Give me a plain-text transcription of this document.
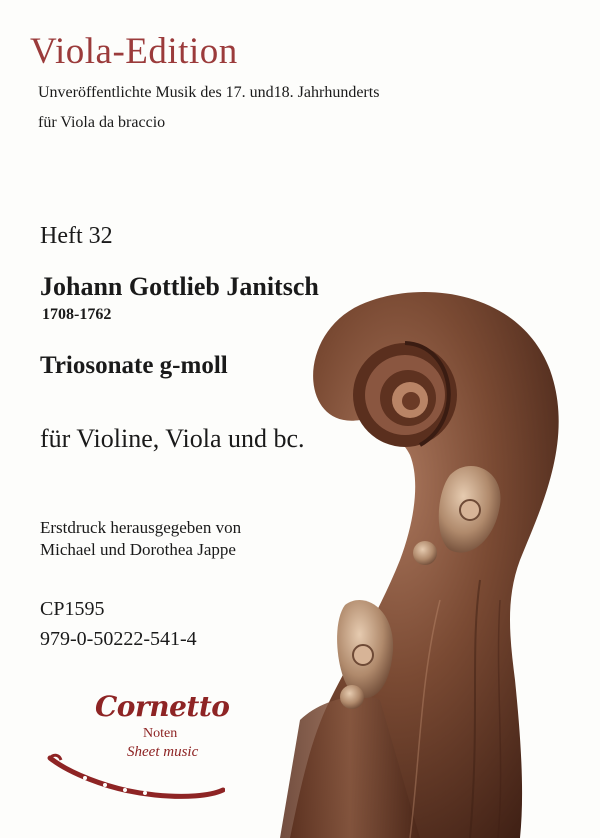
Viola-Edition
Unveröffentlichte Musik des 17. und18. Jahrhunderts
für Viola da braccio
Heft 32
Johann Gottlieb Janitsch
1708-1762
Triosonate g-moll
für Violine, Viola und bc.
Erstdruck herausgegeben von
Michael und Dorothea Jappe
CP1595
979-0-50222-541-4
Cornetto
Noten
Sheet music
